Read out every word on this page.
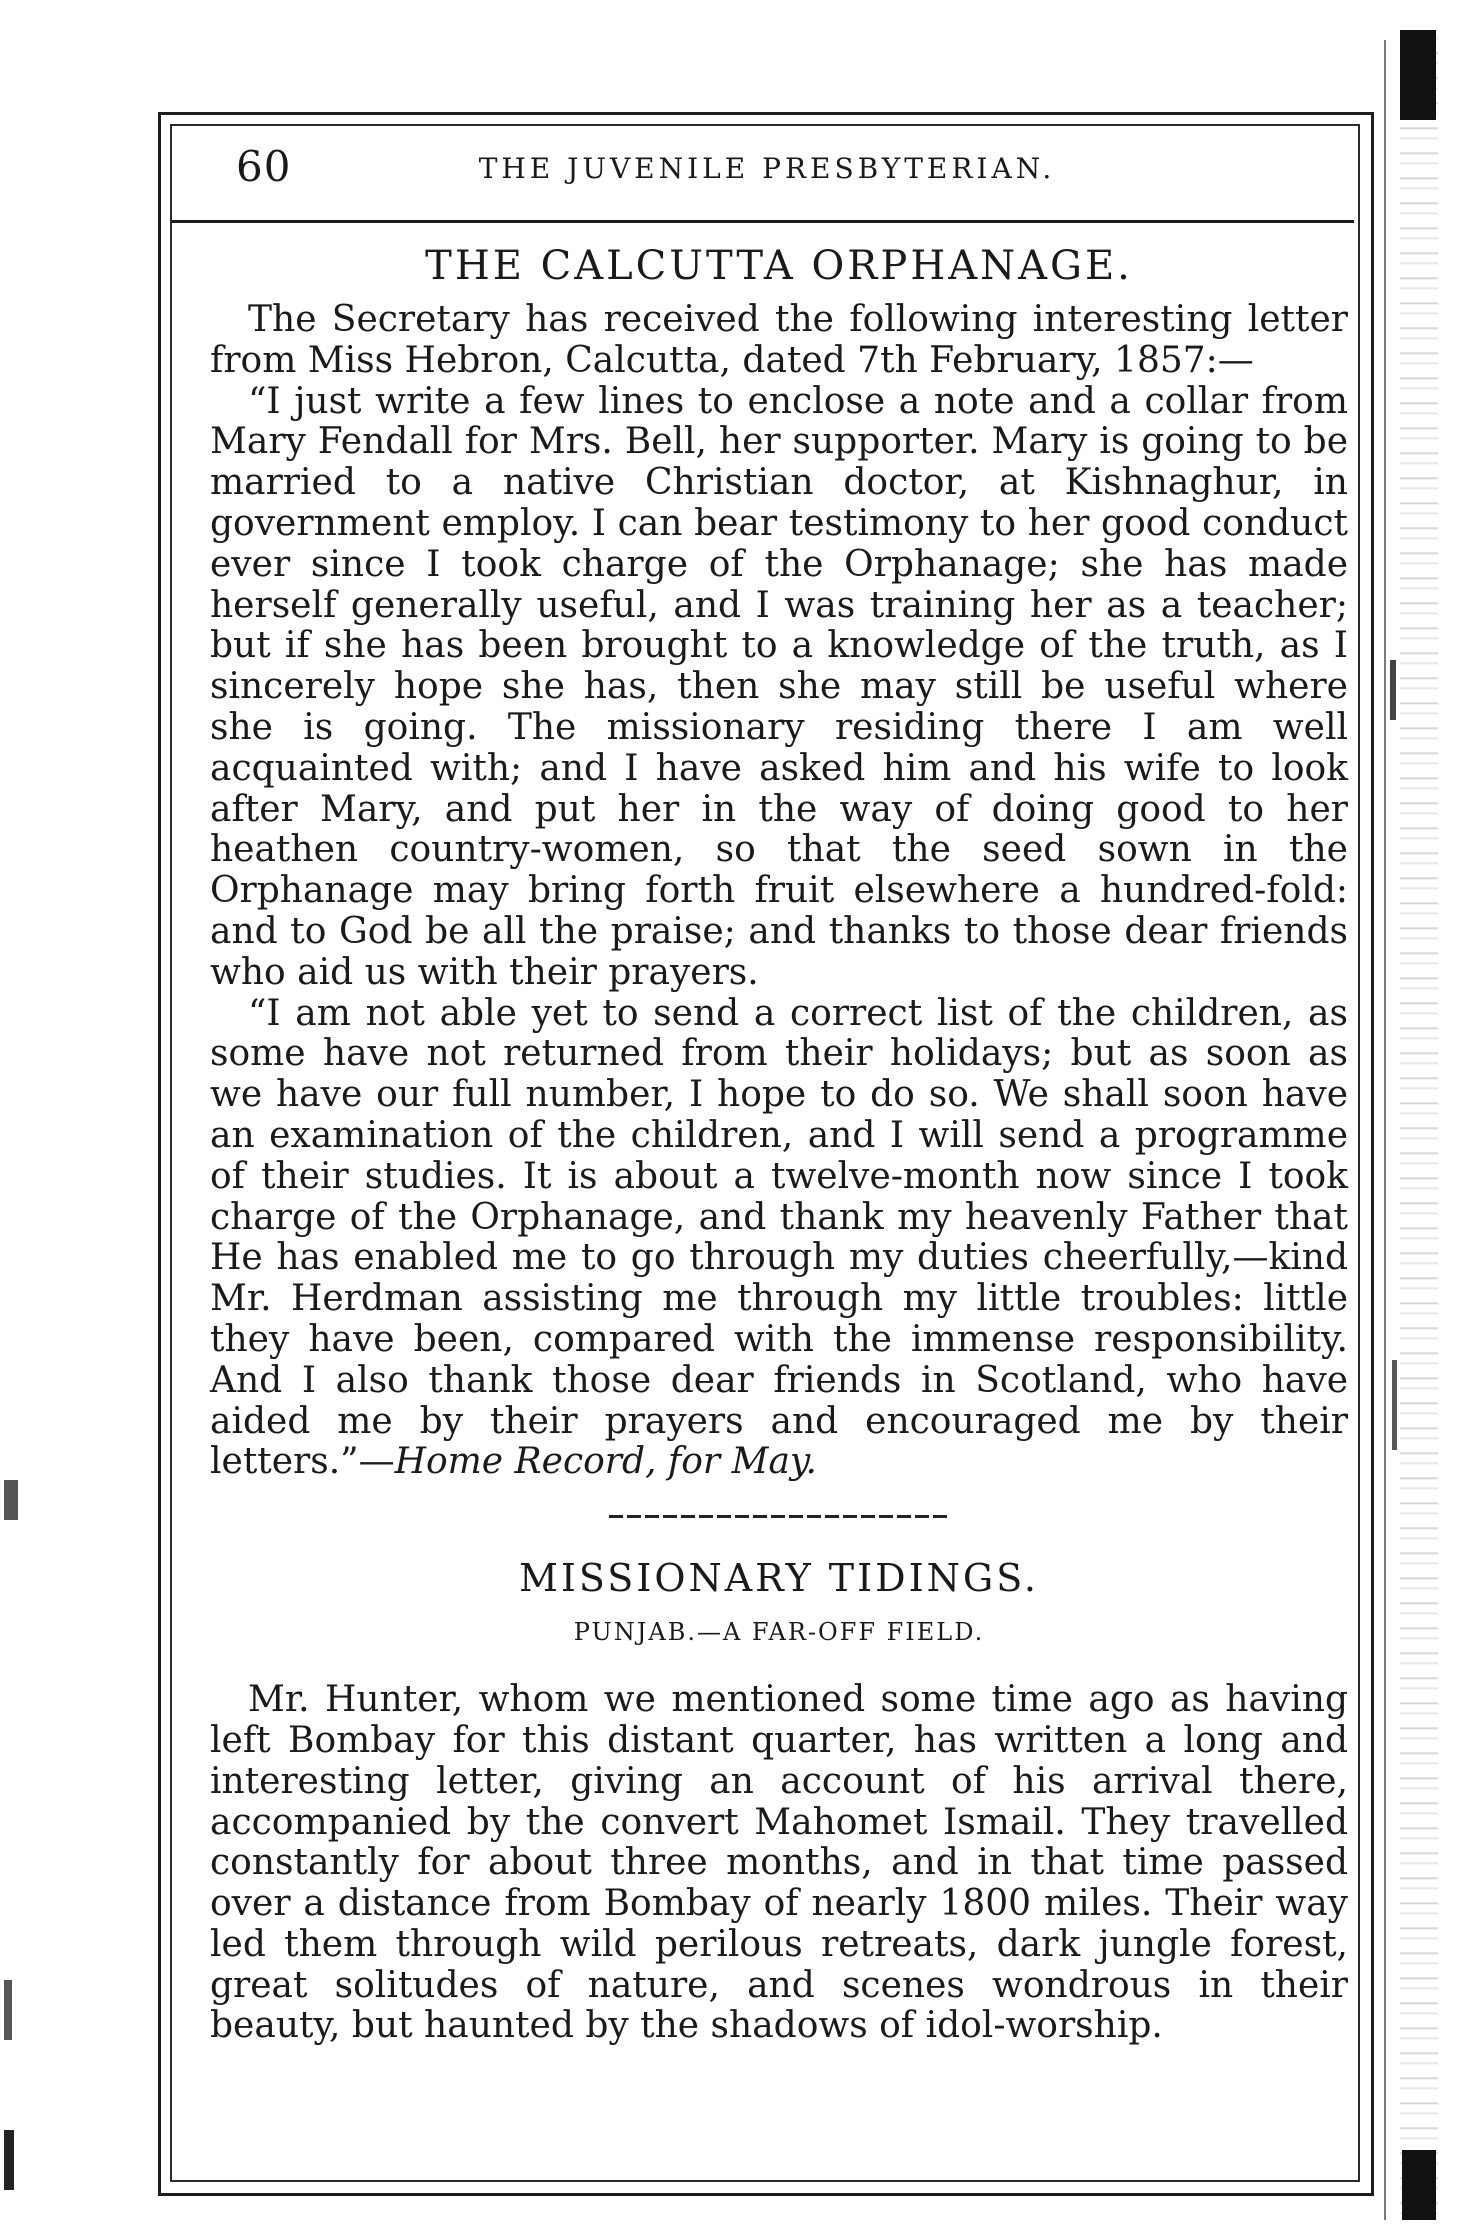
60	THE JUVENILE PRESBYTERIAN.
THE CALCUTTA ORPHANAGE.

The Secretary has received the following interesting letter from Miss Hebron, Calcutta, dated 7th February, 1857:—

“I just write a few lines to enclose a note and a collar from Mary Fendall for Mrs. Bell, her supporter. Mary is going to be married to a native Christian doctor, at Kishnaghur, in government employ. I can bear testimony to her good conduct ever since I took charge of the Orphanage; she has made herself generally useful, and I was training her as a teacher; but if she has been brought to a knowledge of the truth, as I sincerely hope she has, then she may still be useful where she is going. The missionary residing there I am well acquainted with; and I have asked him and his wife to look after Mary, and put her in the way of doing good to her heathen country-women, so that the seed sown in the Orphanage may bring forth fruit elsewhere a hundred-fold: and to God be all the praise; and thanks to those dear friends who aid us with their prayers.

“I am not able yet to send a correct list of the children, as some have not returned from their holidays; but as soon as we have our full number, I hope to do so. We shall soon have an examination of the children, and I will send a programme of their studies. It is about a twelve-month now since I took charge of the Orphanage, and thank my heavenly Father that He has enabled me to go through my duties cheerfully,—kind Mr. Herdman assisting me through my little troubles: little they have been, compared with the immense responsibility. And I also thank those dear friends in Scotland, who have aided me by their prayers and encouraged me by their letters.”—Home Record, for May.

MISSIONARY TIDINGS.
PUNJAB.—A FAR-OFF FIELD.

Mr. Hunter, whom we mentioned some time ago as having left Bombay for this distant quarter, has written a long and interesting letter, giving an account of his arrival there, accompanied by the convert Mahomet Ismail. They travelled constantly for about three months, and in that time passed over a distance from Bombay of nearly 1800 miles. Their way led them through wild perilous retreats, dark jungle forest, great solitudes of nature, and scenes wondrous in their beauty, but haunted by the shadows of idol-worship.
